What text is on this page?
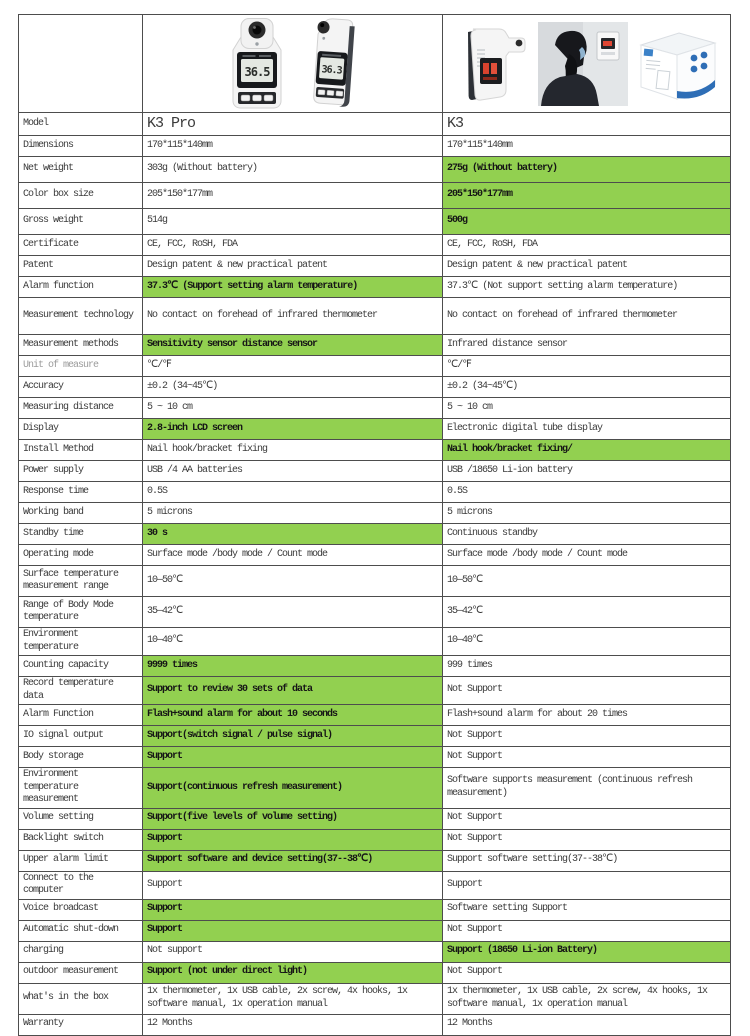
36.5 36.3

Model	K3 Pro	K3
Dimensions	170*115*140mm	170*115*140mm
Net weight	303g (Without battery)	275g (Without battery)
Color box size	205*150*177mm	205*150*177mm
Gross weight	514g	500g
Certificate	CE, FCC, RoSH, FDA	CE, FCC, RoSH, FDA
Patent	Design patent & new practical patent	Design patent & new practical patent
Alarm function	37.3℃ (Support setting alarm temperature)	37.3℃ (Not support setting alarm temperature)
Measurement technology	No contact on forehead of infrared thermometer	No contact on forehead of infrared thermometer
Measurement methods	Sensitivity sensor distance sensor	Infrared distance sensor
Unit of measure	℃/℉	℃/℉
Accuracy	±0.2 (34~45℃)	±0.2 (34~45℃)
Measuring distance	5 ~ 10 cm	5 ~ 10 cm
Display	2.8-inch LCD screen	Electronic digital tube display
Install Method	Nail hook/bracket fixing	Nail hook/bracket fixing/
Power supply	USB /4 AA batteries	USB /18650 Li-ion battery
Response time	0.5S	0.5S
Working band	5 microns	5 microns
Standby time	30 s	Continuous standby
Operating mode	Surface mode /body mode / Count mode	Surface mode /body mode / Count mode
Surface temperature measurement range	10—50℃	10—50℃
Range of Body Mode temperature	35—42℃	35—42℃
Environment temperature	10—40℃	10—40℃
Counting capacity	9999 times	999 times
Record temperature data	Support to review 30 sets of data	Not Support
Alarm Function	Flash+sound alarm for about 10 seconds	Flash+sound alarm for about 20 times
IO signal output	Support(switch signal / pulse signal)	Not Support
Body storage	Support	Not Support
Environment temperature measurement	Support(continuous refresh measurement)	Software supports measurement (continuous refresh measurement)
Volume setting	Support(five levels of volume setting)	Not Support
Backlight switch	Support	Not Support
Upper alarm limit	Support software and device setting(37--38℃)	Support software setting(37--38℃)
Connect to the computer	Support	Support
Voice broadcast	Support	Software setting Support
Automatic shut-down	Support	Not Support
charging	Not support	Support (18650 Li-ion Battery)
outdoor measurement	Support (not under direct light)	Not Support
what's in the box	1x thermometer, 1x USB cable, 2x screw, 4x hooks, 1x software manual, 1x operation manual	1x thermometer, 1x USB cable, 2x screw, 4x hooks, 1x software manual, 1x operation manual
Warranty	12 Months	12 Months
